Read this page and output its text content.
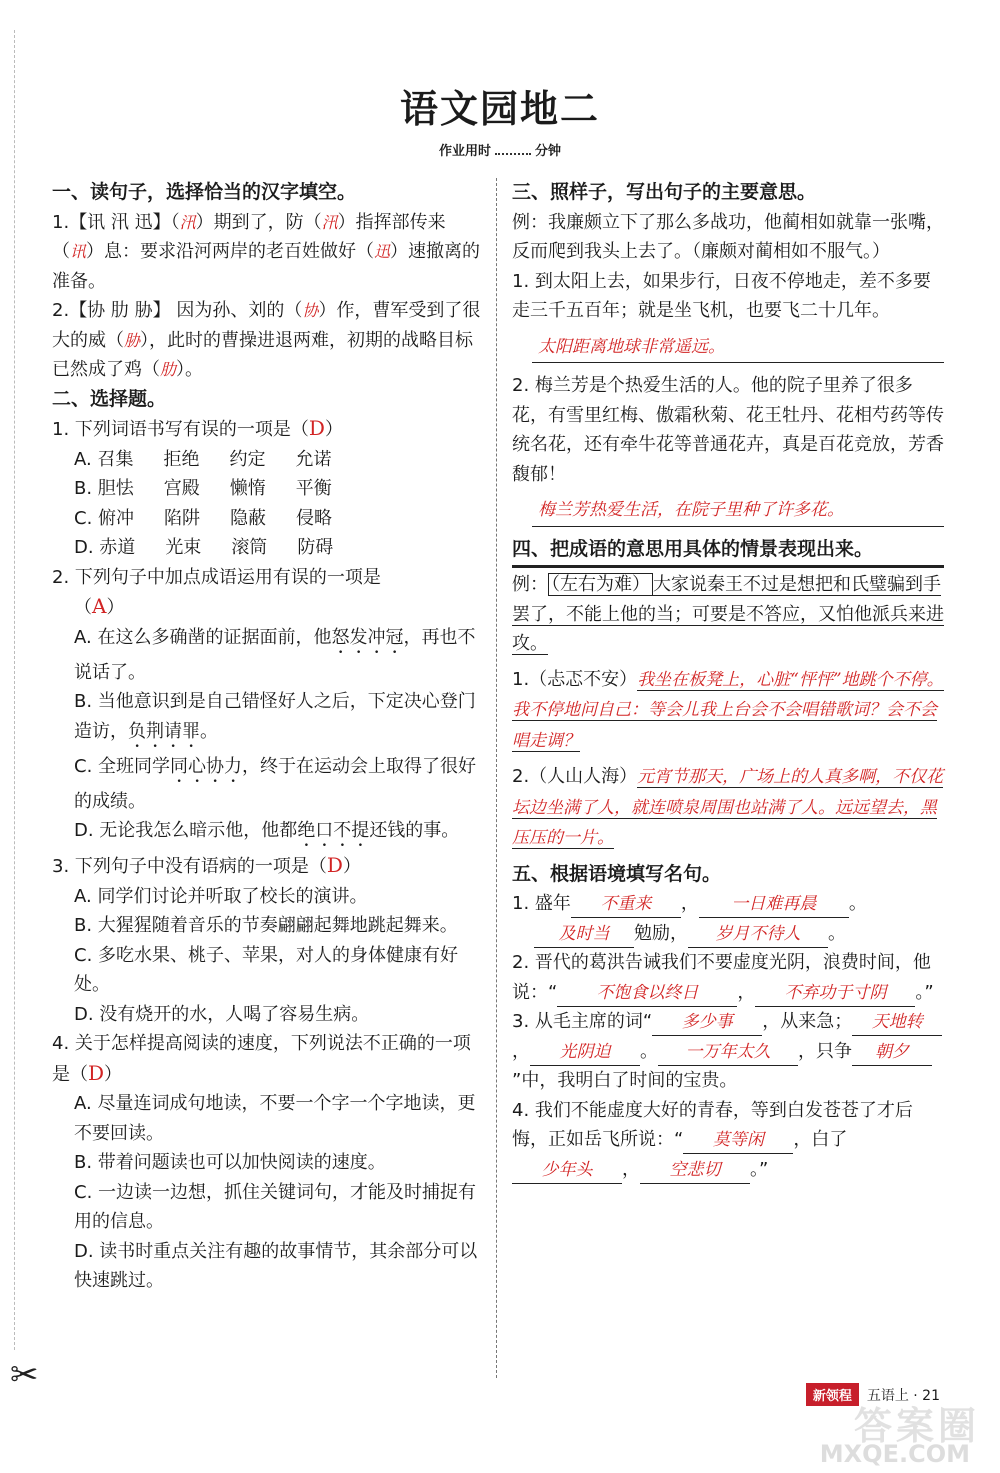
✂
语文园地二
作业用时	分钟
一、读句子，选择恰当的汉字填空。

1.【讯 汛 迅】（汛）期到了，防（汛）指挥部传来（讯）息：要求沿河两岸的老百姓做好（迅）速撤离的准备。

2.【协 肋 胁】 因为孙、刘的（协）作，曹军受到了很大的威（胁），此时的曹操进退两难，初期的战略目标已然成了鸡（肋）。

二、选择题。

1. 下列词语书写有误的一项是（D）

A. 召集 拒绝 约定 允诺
B. 胆怯 宫殿 懒惰 平衡
C. 俯冲 陷阱 隐蔽 侵略
D. 赤道 光束 滚筒 防碍

2. 下列句子中加点成语运用有误的一项是

（A）

A. 在这么多确凿的证据面前，他怒发冲冠，再也不说话了。

B. 当他意识到是自己错怪好人之后，下定决心登门造访，负荆请罪。

C. 全班同学同心协力，终于在运动会上取得了很好的成绩。

D. 无论我怎么暗示他，他都绝口不提还钱的事。

3. 下列句子中没有语病的一项是（D）

A. 同学们讨论并听取了校长的演讲。

B. 大猩猩随着音乐的节奏翩翩起舞地跳起舞来。

C. 多吃水果、桃子、苹果，对人的身体健康有好处。

D. 没有烧开的水，人喝了容易生病。

4. 关于怎样提高阅读的速度，下列说法不正确的一项是（D）

A. 尽量连词成句地读，不要一个字一个字地读，更不要回读。

B. 带着问题读也可以加快阅读的速度。

C. 一边读一边想，抓住关键词句，才能及时捕捉有用的信息。

D. 读书时重点关注有趣的故事情节，其余部分可以快速跳过。

三、照样子，写出句子的主要意思。

例：我廉颇立下了那么多战功，他蔺相如就靠一张嘴，反而爬到我头上去了。（廉颇对蔺相如不服气。）

1. 到太阳上去，如果步行，日夜不停地走，差不多要走三千五百年；就是坐飞机，也要飞二十几年。

太阳距离地球非常遥远。

2. 梅兰芳是个热爱生活的人。他的院子里养了很多花，有雪里红梅、傲霜秋菊、花王牡丹、花相芍药等传统名花，还有牵牛花等普通花卉，真是百花竞放，芳香馥郁！

梅兰芳热爱生活，在院子里种了许多花。
四、把成语的意思用具体的情景表现出来。

例： （左右为难） 大家说秦王不过是想把和氏璧骗到手罢了，不能上他的当；可要是不答应，又怕他派兵来进攻。

1.（忐忑不安）我坐在板凳上，心脏“怦怦”地跳个不停。我不停地问自己：等会儿我上台会不会唱错歌词？会不会唱走调？

2.（人山人海）元宵节那天，广场上的人真多啊，不仅花坛边坐满了人，就连喷泉周围也站满了人。远远望去，黑压压的一片。

五、根据语境填写名句。

1. 盛年 不重来 ， 一日难再晨 。
及时当 勉励， 岁月不待人 。

2. 晋代的葛洪告诫我们不要虚度光阴，浪费时间，他说：“ 不饱食以终日 ， 不弃功于寸阴 。”

3. 从毛主席的词“ 多少事 ，从来急； 天地转， 光阴迫 。 一万年太久 ，只争 朝夕”中，我明白了时间的宝贵。

4. 我们不能虚度大好的青春，等到白发苍苍了才后悔，正如岳飞所说：“ 莫等闲 ，白了少年头 ， 空悲切 。”

新领程	五语上 · 21
答案圈
MXQE.COM
